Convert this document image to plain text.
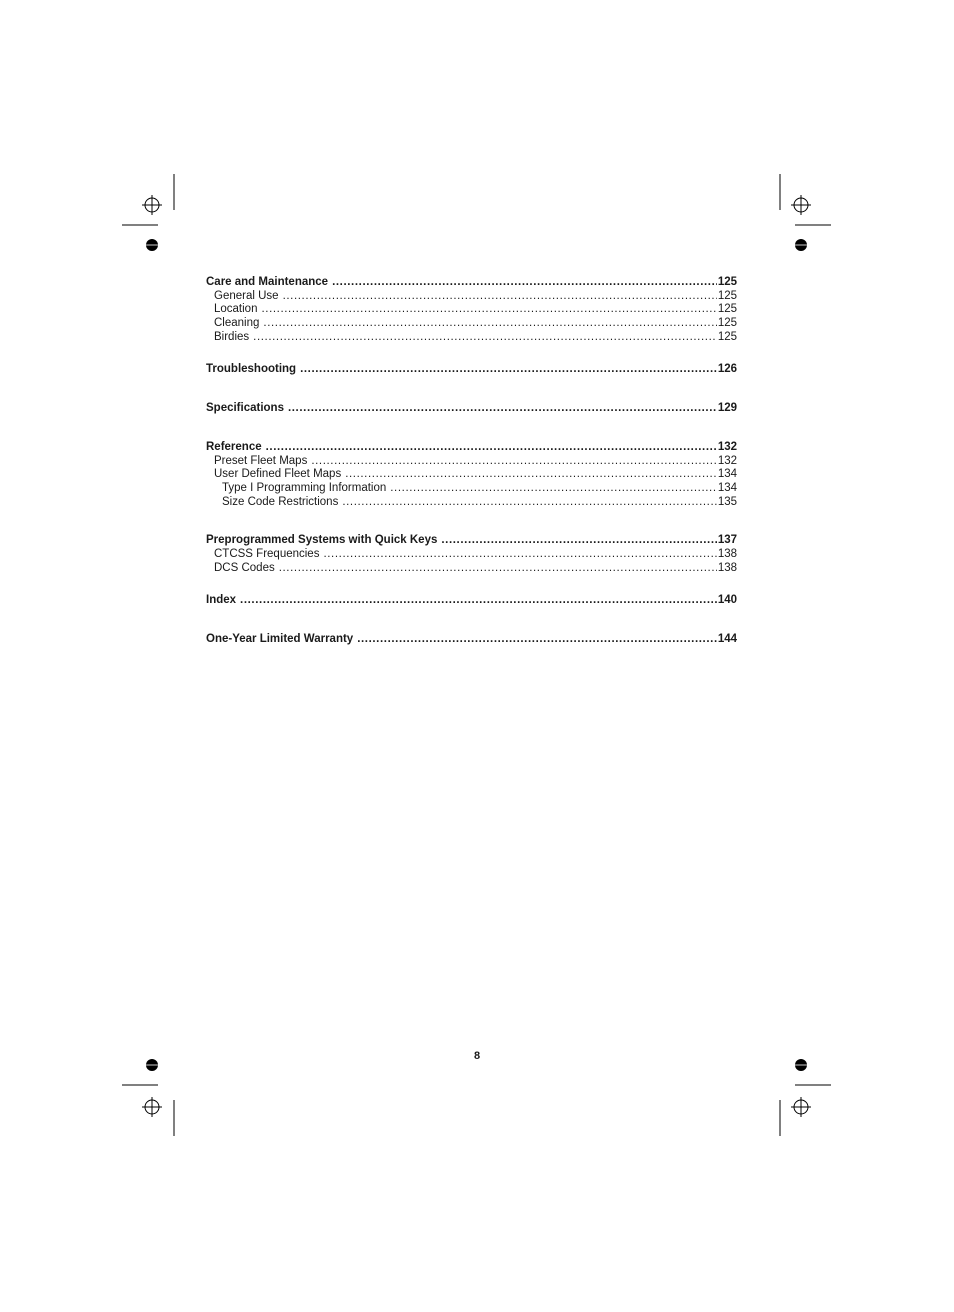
Care and Maintenance .....	125
General Use .....	125
Location .....	125
Cleaning .....	125
Birdies .....	125
Troubleshooting .....	126
Specifications .....	129
Reference .....	132
Preset Fleet Maps .....	132
User Defined Fleet Maps .....	134
Type I Programming Information .....	134
Size Code Restrictions .....	135
Preprogrammed Systems with Quick Keys .....	137
CTCSS Frequencies .....	138
DCS Codes .....	138
Index .....	140
One-Year Limited Warranty .....	144
8
